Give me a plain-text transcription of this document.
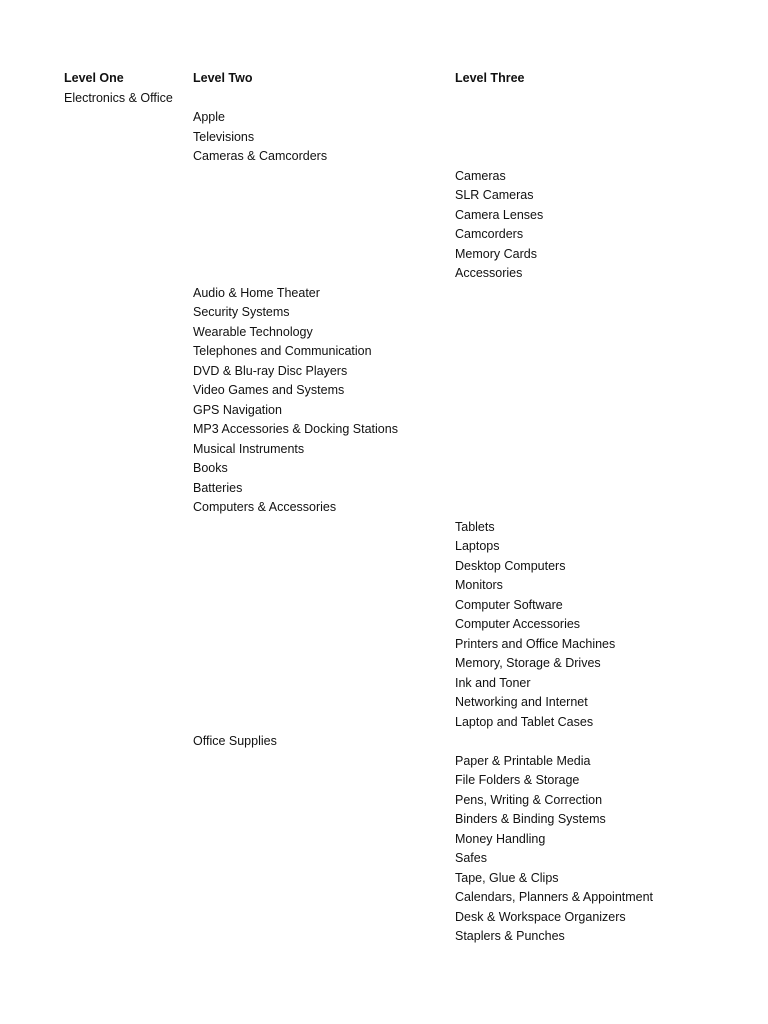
Level One	Level Two	Level Three
Electronics & Office
Apple
Televisions
Cameras & Camcorders
Cameras
SLR Cameras
Camera Lenses
Camcorders
Memory Cards
Accessories
Audio & Home Theater
Security Systems
Wearable Technology
Telephones and Communication
DVD & Blu-ray Disc Players
Video Games and Systems
GPS Navigation
MP3 Accessories & Docking Stations
Musical Instruments
Books
Batteries
Computers & Accessories
Tablets
Laptops
Desktop Computers
Monitors
Computer Software
Computer Accessories
Printers and Office Machines
Memory, Storage & Drives
Ink and Toner
Networking and Internet
Laptop and Tablet Cases
Office Supplies
Paper & Printable Media
File Folders & Storage
Pens, Writing & Correction
Binders & Binding Systems
Money Handling
Safes
Tape, Glue & Clips
Calendars, Planners & Appointment
Desk & Workspace Organizers
Staplers & Punches
